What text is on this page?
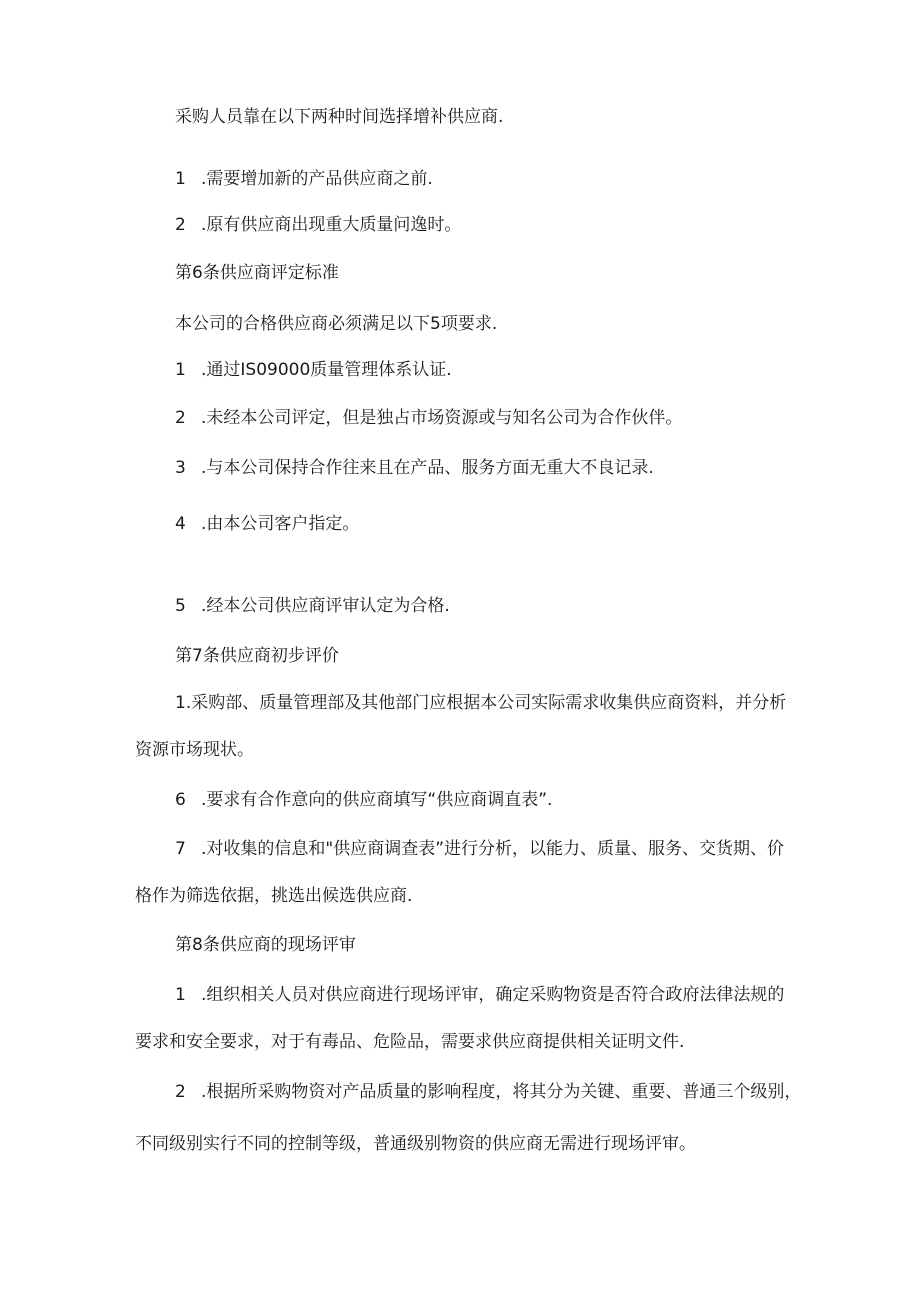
采购人员靠在以下两种时间选择增补供应商.
1 .需要增加新的产品供应商之前.
2 .原有供应商出现重大质量问逸时。
第6条供应商评定标准
本公司的合格供应商必须满足以下5项要求.
1 .通过IS09000质量管理体系认证.
2 .未经本公司评定，但是独占市场资源或与知名公司为合作伙伴。
3 .与本公司保持合作往来且在产品、服务方面无重大不良记录.
4 .由本公司客户指定。
5 .经本公司供应商评审认定为合格.
第7条供应商初步评价
1.采购部、质量管理部及其他部门应根据本公司实际需求收集供应商资料，并分析
资源市场现状。
6 .要求有合作意向的供应商填写“供应商调直表”.
7 .对收集的信息和"供应商调查表”进行分析，以能力、质量、服务、交货期、价
格作为筛选依据，挑选出候选供应商.
第8条供应商的现场评审
1 .组织相关人员对供应商进行现场评审，确定采购物资是否符合政府法律法规的
要求和安全要求，对于有毒品、危险品，需要求供应商提供相关证明文件.
2 .根据所采购物资对产品质量的影响程度，将其分为关键、重要、普通三个级别，
不同级别实行不同的控制等级，普通级别物资的供应商无需进行现场评审。
